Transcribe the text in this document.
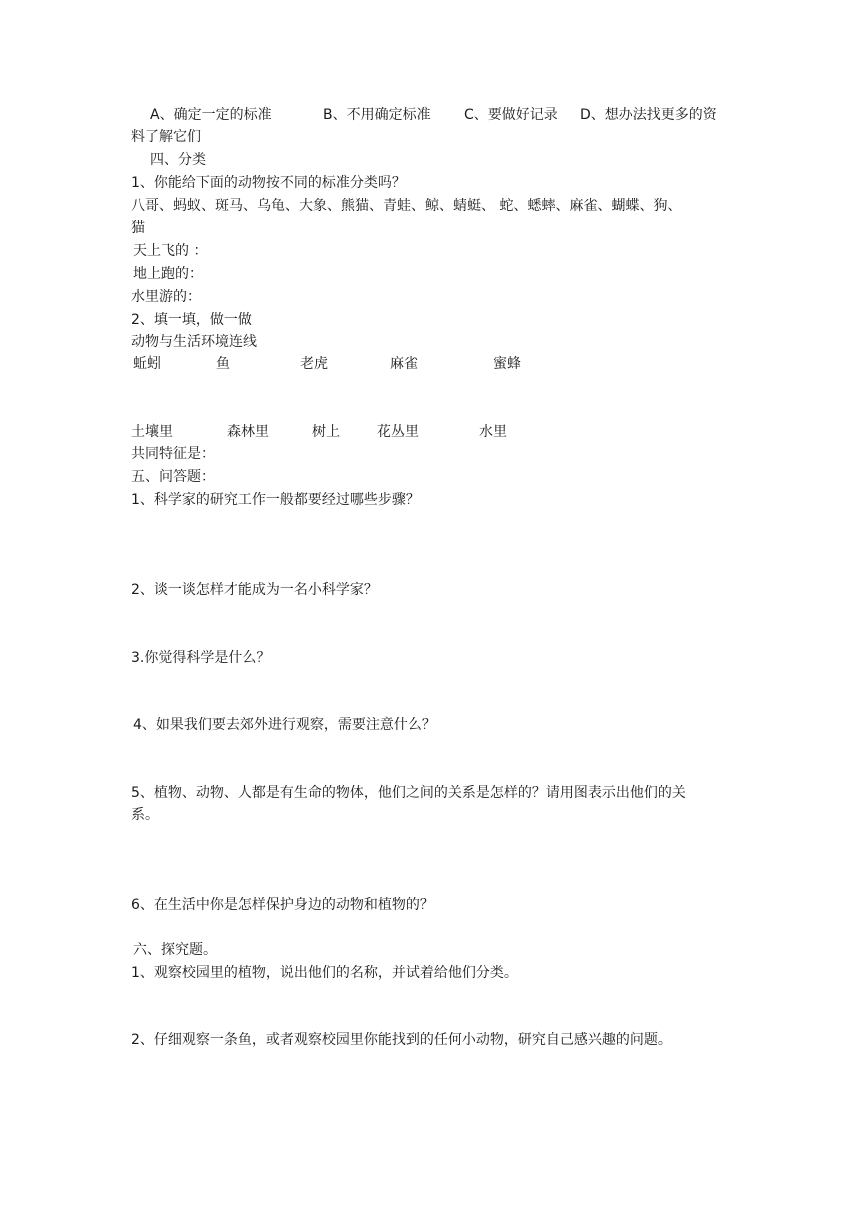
A、确定一定的标准	B、不用确定标准 C、要做好记录 D、想办法找更多的资
料了解它们
四、分类
1、你能给下面的动物按不同的标准分类吗？
八哥、蚂蚁、斑马、乌龟、大象、熊猫、青蛙、鲸、蜻蜓、 蛇、蟋蟀、麻雀、蝴蝶、狗、
猫
天上飞的 ：
地上跑的：
水里游的：
2、填一填，做一做
动物与生活环境连线
蚯蚓	鱼	老虎	麻雀	蜜蜂
土壤里	森林里	树上	花丛里	水里
共同特征是：
五、问答题：
1、科学家的研究工作一般都要经过哪些步骤？
2、谈一谈怎样才能成为一名小科学家？
3.你觉得科学是什么？
4、如果我们要去郊外进行观察，需要注意什么？
5、植物、动物、人都是有生命的物体，他们之间的关系是怎样的？请用图表示出他们的关
系。
6、在生活中你是怎样保护身边的动物和植物的？
六、探究题。
1、观察校园里的植物，说出他们的名称，并试着给他们分类。
2、仔细观察一条鱼，或者观察校园里你能找到的任何小动物，研究自己感兴趣的问题。
